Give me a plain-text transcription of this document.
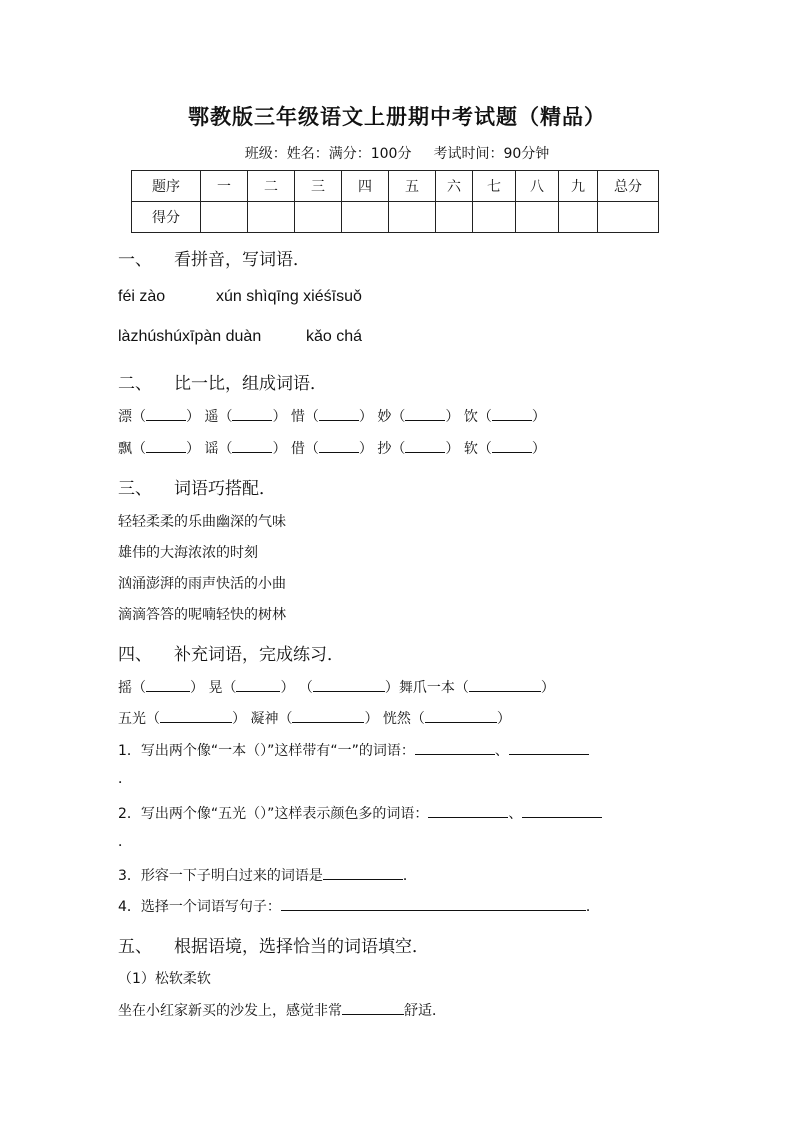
鄂教版三年级语文上册期中考试题（精品）
班级：姓名：满分：100分 考试时间：90分钟
题序	一	二	三	四	五	六	七	八	九	总分
得分										
一、 看拼音，写词语．
féi zào	xún shìqīng xiéśīsuǒ
làzhúshúxīpàn duàn	kǎo chá
二、 比一比，组成词语．
漂（	） 遥（	） 惜（	） 妙（	） 饮（	）
飘（	） 谣（	） 借（	） 抄（	） 软（	）
三、 词语巧搭配．
轻轻柔柔的乐曲幽深的气味
雄伟的大海浓浓的时刻
汹涌澎湃的雨声快活的小曲
滴滴答答的呢喃轻快的树林
四、 补充词语，完成练习．
摇（	） 晃（	） （	）舞爪一本（	）
五光（	） 凝神（	） 恍然（	）
1．写出两个像“一本（）”这样带有“一”的词语：	、
．
2．写出两个像“五光（）”这样表示颜色多的词语：	、
．
3．形容一下子明白过来的词语是	．
4．选择一个词语写句子：	．
五、 根据语境，选择恰当的词语填空．
（1）松软柔软
坐在小红家新买的沙发上，感觉非常	舒适．
